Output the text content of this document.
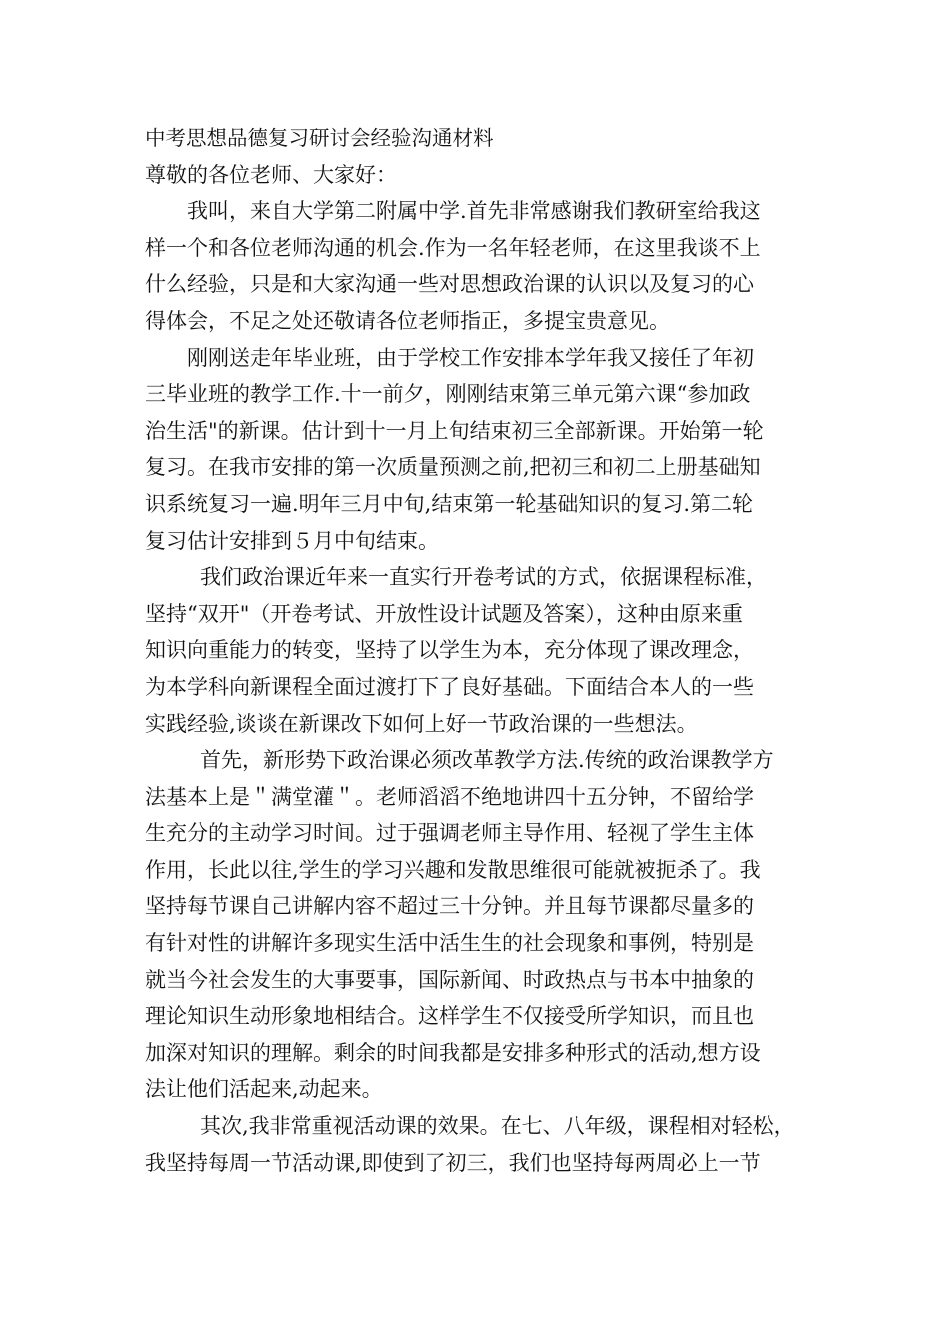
中考思想品德复习研讨会经验沟通材料
尊敬的各位老师、大家好：
我叫，来自大学第二附属中学.首先非常感谢我们教研室给我这
样一个和各位老师沟通的机会.作为一名年轻老师，在这里我谈不上
什么经验，只是和大家沟通一些对思想政治课的认识以及复习的心
得体会，不足之处还敬请各位老师指正，多提宝贵意见。
刚刚送走年毕业班，由于学校工作安排本学年我又接任了年初
三毕业班的教学工作.十一前夕，刚刚结束第三单元第六课“参加政
治生活"的新课。估计到十一月上旬结束初三全部新课。开始第一轮
复习。在我市安排的第一次质量预测之前,把初三和初二上册基础知
识系统复习一遍.明年三月中旬,结束第一轮基础知识的复习.第二轮
复习估计安排到５月中旬结束。
我们政治课近年来一直实行开卷考试的方式，依据课程标准，
坚持“双开"（开卷考试、开放性设计试题及答案），这种由原来重
知识向重能力的转变，坚持了以学生为本，充分体现了课改理念，
为本学科向新课程全面过渡打下了良好基础。下面结合本人的一些
实践经验,谈谈在新课改下如何上好一节政治课的一些想法。
首先，新形势下政治课必须改革教学方法.传统的政治课教学方
法基本上是＂满堂灌＂。老师滔滔不绝地讲四十五分钟，不留给学
生充分的主动学习时间。过于强调老师主导作用、轻视了学生主体
作用，长此以往,学生的学习兴趣和发散思维很可能就被扼杀了。我
坚持每节课自己讲解内容不超过三十分钟。并且每节课都尽量多的
有针对性的讲解许多现实生活中活生生的社会现象和事例，特别是
就当今社会发生的大事要事，国际新闻、时政热点与书本中抽象的
理论知识生动形象地相结合。这样学生不仅接受所学知识，而且也
加深对知识的理解。剩余的时间我都是安排多种形式的活动,想方设
法让他们活起来,动起来。
其次,我非常重视活动课的效果。在七、八年级，课程相对轻松，
我坚持每周一节活动课,即使到了初三，我们也坚持每两周必上一节
